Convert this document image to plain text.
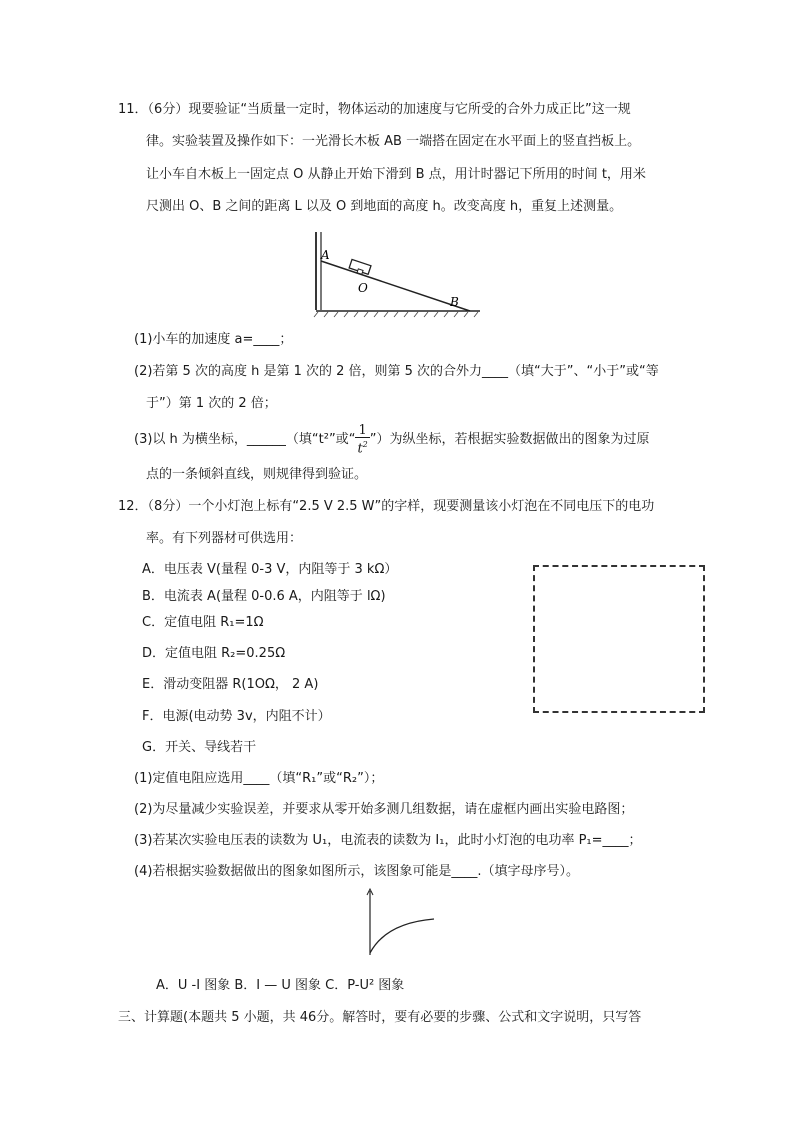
11．（6分）现要验证“当质量一定时，物体运动的加速度与它所受的合外力成正比”这一规
律。实验装置及操作如下：一光滑长木板 AB 一端搭在固定在水平面上的竖直挡板上。
让小车自木板上一固定点 O 从静止开始下滑到 B 点，用计时器记下所用的时间 t，用米
尺测出 O、B 之间的距离 L 以及 O 到地面的高度 h。改变高度 h，重复上述测量。
A
O
B
(1)小车的加速度 a=____；
(2)若第 5 次的高度 h 是第 1 次的 2 倍，则第 5 次的合外力____（填“大于”、“小于”或“等
于”）第 1 次的 2 倍；
(3)以 h 为横坐标，______（填“t²”或“ $\frac{1}{t^2}$ ”）为纵坐标，若根据实验数据做出的图象为过原
点的一条倾斜直线，则规律得到验证。
12．（8分）一个小灯泡上标有“2.5 V 2.5 W”的字样，现要测量该小灯泡在不同电压下的电功
率。有下列器材可供选用：
A．电压表 V(量程 0-3 V，内阻等于 3 kΩ）
B．电流表 A(量程 0-0.6 A，内阻等于 lΩ)
C．定值电阻 R₁=1Ω
D．定值电阻 R₂=0.25Ω
E．滑动变阻器 R(1OΩ， 2 A)
F．电源(电动势 3v，内阻不计）
G．开关、导线若干
(1)定值电阻应选用____（填“R₁”或“R₂”）；
(2)为尽量减少实验误差，并要求从零开始多测几组数据，请在虚框内画出实验电路图；
(3)若某次实验电压表的读数为 U₁，电流表的读数为 I₁，此时小灯泡的电功率 P₁=____；
(4)若根据实验数据做出的图象如图所示，该图象可能是____.（填字母序号）。
A．U -I 图象 B．I — U 图象 C．P-U² 图象
三、计算题(本题共 5 小题，共 46分。解答时，要有必要的步骤、公式和文字说明，只写答
